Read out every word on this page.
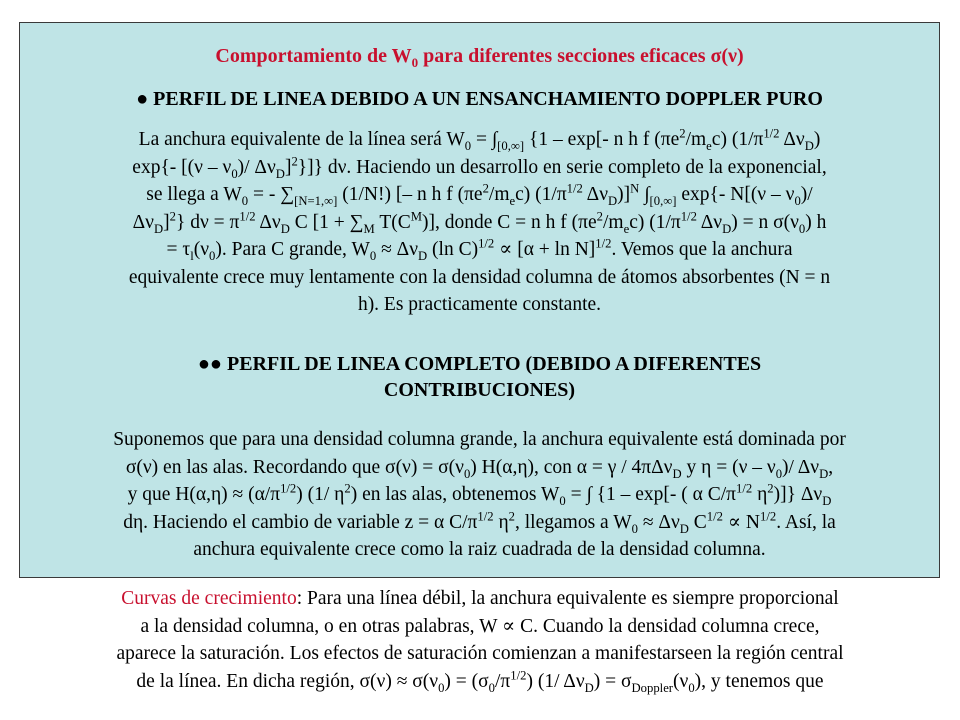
Comportamiento de $W_0$ para diferentes secciones eficaces σ(ν)
● PERFIL DE LINEA DEBIDO A UN ENSANCHAMIENTO DOPPLER PURO
La anchura equivalente de la línea será $W_0 = \int_{[0,\infty]}$ {1 – exp[- n h f $(\pi e^2/m_ec)$ ($1/\pi^{1/2}$ $\Delta\nu_D$)
exp{- [$(\nu - \nu_0)/$ $\Delta\nu_D]^2$}]} dν. Haciendo un desarrollo en serie completo de la exponencial,
se llega a $W_0$ = - $\sum_{[N=1,\infty]}$ (1/N!) [– n h f $(\pi e^2/m_ec)$ ($1/\pi^{1/2}$ $\Delta\nu_D)]^N$ $\int_{[0,\infty]}$ exp{- $N[(\nu - \nu_0)/$
$\Delta\nu_D]^2$} $d\nu = \pi^{1/2}$ $\Delta\nu_D$ C [$1 + \sum_M$ $T(C^M)$], donde C = n h f $(\pi e^2/m_ec)$ ($1/\pi^{1/2}$ $\Delta\nu_D) = n$ $\sigma(\nu_0)$ h
= $\tau_l(\nu_0)$. Para C grande, $W_0 \approx \Delta\nu_D$ (ln $C)^{1/2} \propto [\alpha + \ln N]^{1/2}$. Vemos que la anchura
equivalente crece muy lentamente con la densidad columna de átomos absorbentes (N = n
h). Es practicamente constante.
●● PERFIL DE LINEA COMPLETO (DEBIDO A DIFERENTES
CONTRIBUCIONES)
Suponemos que para una densidad columna grande, la anchura equivalente está dominada por
σ(ν) en las alas. Recordando que $\sigma(\nu) = \sigma(\nu_0)$ H(α,η), con α = γ / 4πΔν$_D$ y $\eta = (\nu - \nu_0)/$ $\Delta\nu_D$,
y que $H(\alpha,\eta) \approx (\alpha/\pi^{1/2})$ (1/ $\eta^2$) en las alas, obtenemos $W_0$ = ∫ {1 – exp[- ( α $C/\pi^{1/2}$ $\eta^2$)]} $\Delta\nu_D$
dη. Haciendo el cambio de variable z = α $C/\pi^{1/2}$ $\eta^2$, llegamos a $W_0 \approx \Delta\nu_D$ $C^{1/2} \propto N^{1/2}$. Así, la
anchura equivalente crece como la raiz cuadrada de la densidad columna.
Curvas de crecimiento: Para una línea débil, la anchura equivalente es siempre proporcional
a la densidad columna, o en otras palabras, W ∝ C. Cuando la densidad columna crece,
aparece la saturación. Los efectos de saturación comienzan a manifestarseen la región central
de la línea. En dicha región, $\sigma(\nu) \approx \sigma(\nu_0) = (\sigma_0/\pi^{1/2})$ (1/ $\Delta\nu_D) = \sigma_{Doppler}(\nu_0)$, y tenemos que
